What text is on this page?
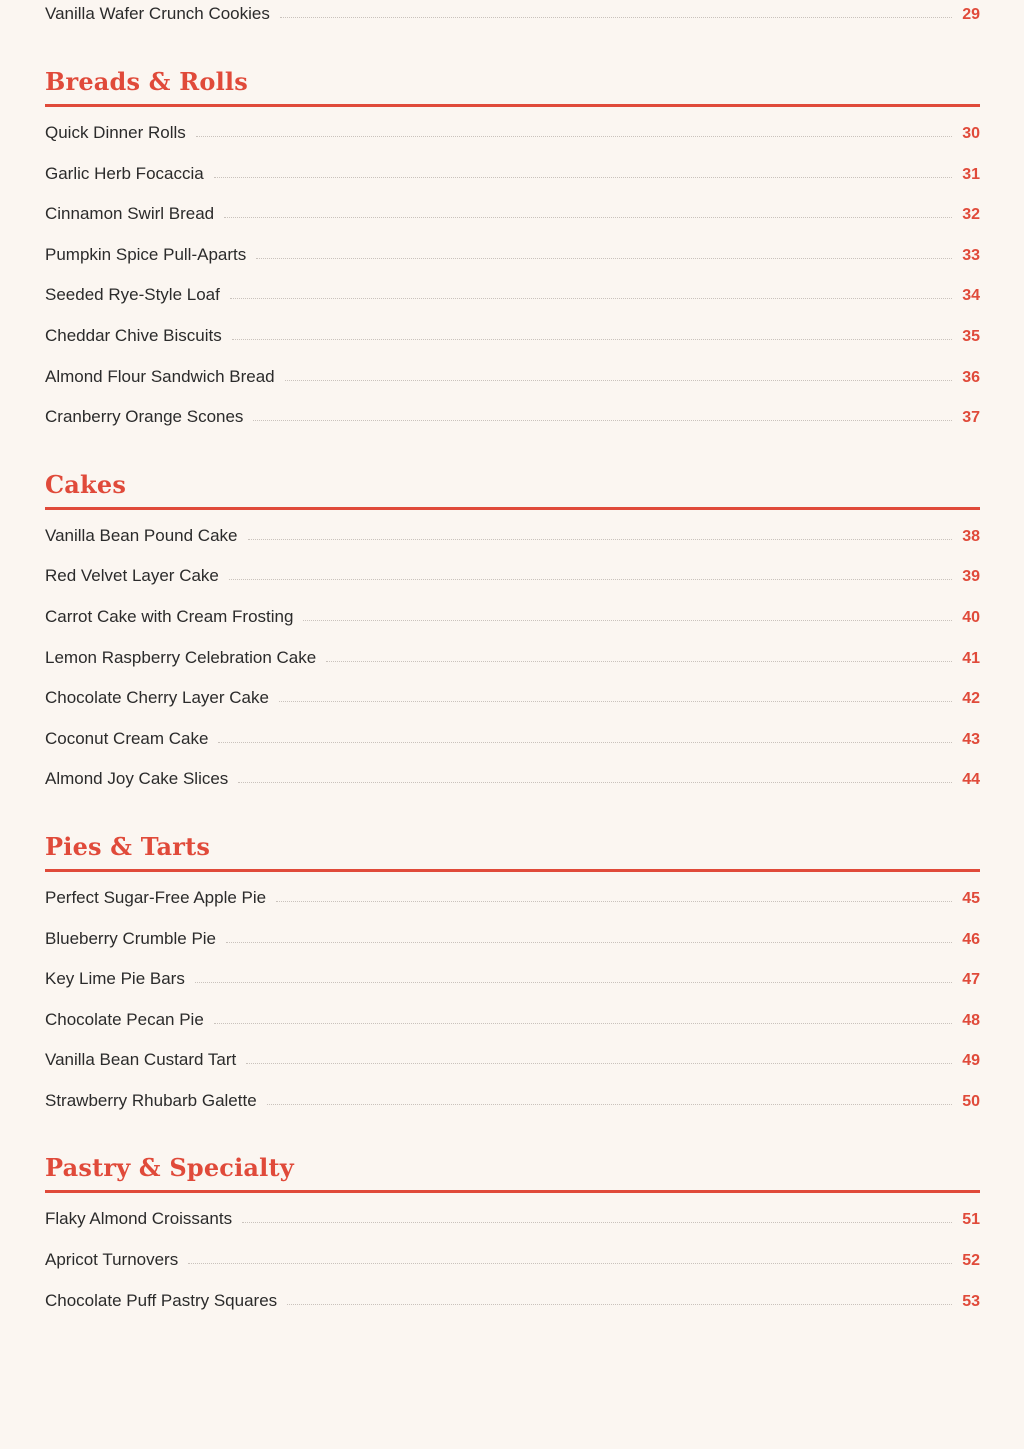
Vanilla Wafer Crunch Cookies	29
Breads & Rolls
Quick Dinner Rolls	30
Garlic Herb Focaccia	31
Cinnamon Swirl Bread	32
Pumpkin Spice Pull-Aparts	33
Seeded Rye-Style Loaf	34
Cheddar Chive Biscuits	35
Almond Flour Sandwich Bread	36
Cranberry Orange Scones	37
Cakes
Vanilla Bean Pound Cake	38
Red Velvet Layer Cake	39
Carrot Cake with Cream Frosting	40
Lemon Raspberry Celebration Cake	41
Chocolate Cherry Layer Cake	42
Coconut Cream Cake	43
Almond Joy Cake Slices	44
Pies & Tarts
Perfect Sugar-Free Apple Pie	45
Blueberry Crumble Pie	46
Key Lime Pie Bars	47
Chocolate Pecan Pie	48
Vanilla Bean Custard Tart	49
Strawberry Rhubarb Galette	50
Pastry & Specialty
Flaky Almond Croissants	51
Apricot Turnovers	52
Chocolate Puff Pastry Squares	53
